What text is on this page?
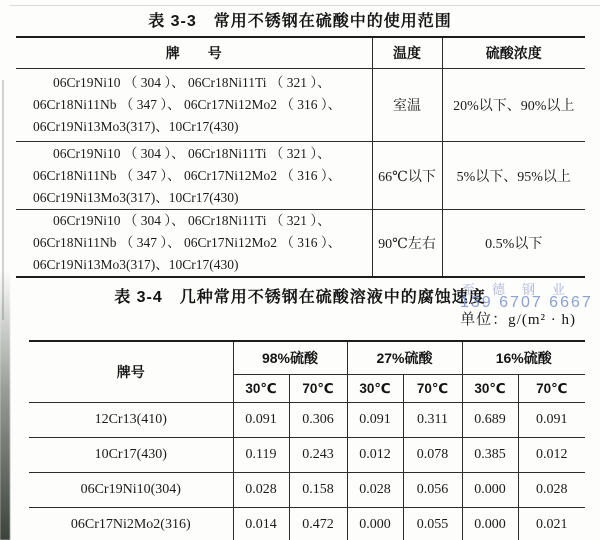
表 3-3　常用不锈钢在硫酸中的使用范围
牌　　号	温度	硫酸浓度

06Cr19Ni10 （ 304 ）、 06Cr18Ni11Ti （ 321 ）、
06Cr18Ni11Nb （ 347 ）、 06Cr17Ni12Mo2 （ 316 ）、
06Cr19Ni13Mo3(317)、10Cr17(430)	室温	20%以下、90%以上

06Cr19Ni10 （ 304 ）、 06Cr18Ni11Ti （ 321 ）、
06Cr18Ni11Nb （ 347 ）、 06Cr17Ni12Mo2 （ 316 ）、
06Cr19Ni13Mo3(317)、10Cr17(430)	66℃以下	5%以下、95%以上

06Cr19Ni10 （ 304 ）、 06Cr18Ni11Ti （ 321 ）、
06Cr18Ni11Nb （ 347 ）、 06Cr17Ni12Mo2 （ 316 ）、
06Cr19Ni13Mo3(317)、10Cr17(430)	90℃左右	0.5%以下
表 3-4　几种常用不锈钢在硫酸溶液中的腐蚀速度
至德钢业
139 6707 6667
单位：g/(m² · h)
牌号	98%硫酸		27%硫酸		16%硫酸	
	30℃	70℃	30℃	70℃	30℃	70℃
12Cr13(410)	0.091	0.306	0.091	0.311	0.689	0.091
10Cr17(430)	0.119	0.243	0.012	0.078	0.385	0.012
06Cr19Ni10(304)	0.028	0.158	0.028	0.056	0.000	0.028
06Cr17Ni2Mo2(316)	0.014	0.472	0.000	0.055	0.000	0.021
